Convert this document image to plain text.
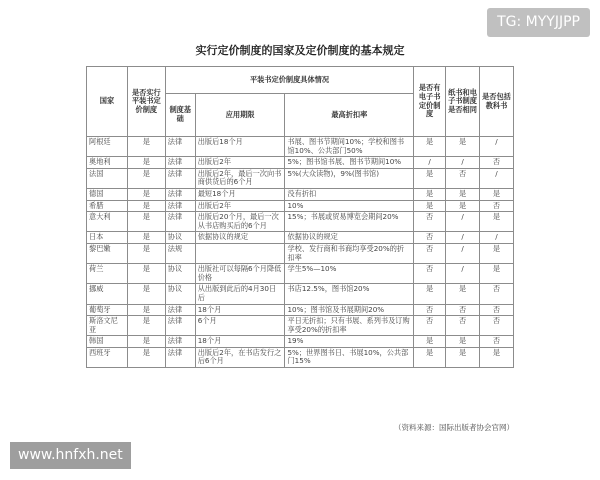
TG: MYYJJPP
实行定价制度的国家及定价制度的基本规定
国家	是否实行平装书定价制度	平装书定价制度具体情况			是否有电子书定价制度	纸书和电子书制度是否相同	是否包括教科书
		制度基础	应用期限	最高折扣率			
阿根廷	是	法律	出版后18个月	书展、图书节期间10%；学校和图书馆10%、公共部门50%	是	是	/
奥地利	是	法律	出版后2年	5%；图书馆书展、图书节期间10%	/	/	否
法国	是	法律	出版后2年，最后一次向书商供货后的6个月	5%(大众读物)，9%(图书馆)	是	否	/
德国	是	法律	最短18个月	没有折扣	是	是	是
希腊	是	法律	出版后2年	10%	是	是	否
意大利	是	法律	出版后20个月，最后一次从书店购买后的6个月	15%；书展或贸易博览会期间20%	否	/	是
日本	是	协议	依据协议的规定	依据协议的规定	否	/	/
黎巴嫩	是	法规		学校、发行商和书商均享受20%的折扣率	否	/	是
荷兰	是	协议	出版社可以每隔6个月降低价格	学生5%—10%	否	/	是
挪威	是	协议	从出版到此后的4月30日后	书店12.5%，图书馆20%	是	是	否
葡萄牙	是	法律	18个月	10%；图书馆及书展期间20%	否	否	否
斯洛文尼亚	是	法律	6个月	平日无折扣；只有书展、系列书及订购享受20%的折扣率	否	否	否
韩国	是	法律	18个月	19%	是	是	否
西班牙	是	法律	出版后2年，在书店发行之后6个月	5%；世界图书日、书展10%，公共部门15%	是	是	是
（资料来源：国际出版者协会官网）
www.hnfxh.net
